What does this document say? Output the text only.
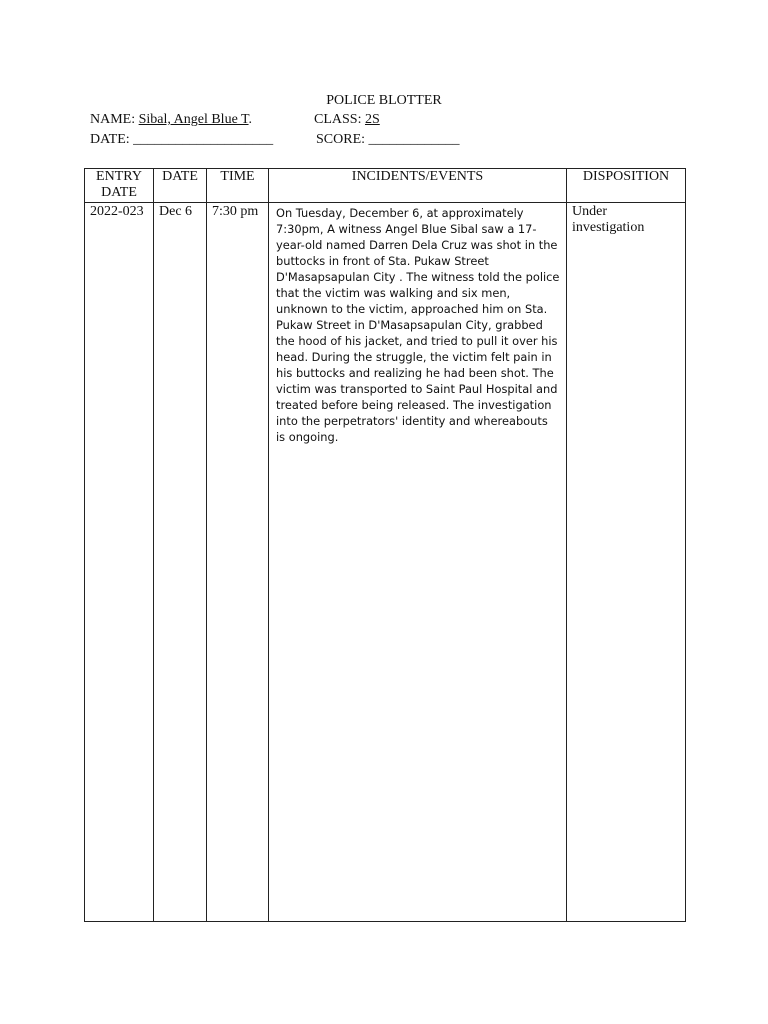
POLICE BLOTTER
NAME: Sibal, Angel Blue T.	CLASS: 2S
DATE: ____________________	SCORE: _____________
ENTRY DATE	DATE	TIME	INCIDENTS/EVENTS	DISPOSITION
2022-023	Dec 6	7:30 pm	On Tuesday, December 6, at approximately 7:30pm, A witness Angel Blue Sibal saw a 17-year-old named Darren Dela Cruz was shot in the buttocks in front of Sta. Pukaw Street D'Masapsapulan City . The witness told the police that the victim was walking and six men, unknown to the victim, approached him on Sta. Pukaw Street in D'Masapsapulan City, grabbed the hood of his jacket, and tried to pull it over his head. During the struggle, the victim felt pain in his buttocks and realizing he had been shot. The victim was transported to Saint Paul Hospital and treated before being released. The investigation into the perpetrators' identity and whereabouts is ongoing.	Under investigation
